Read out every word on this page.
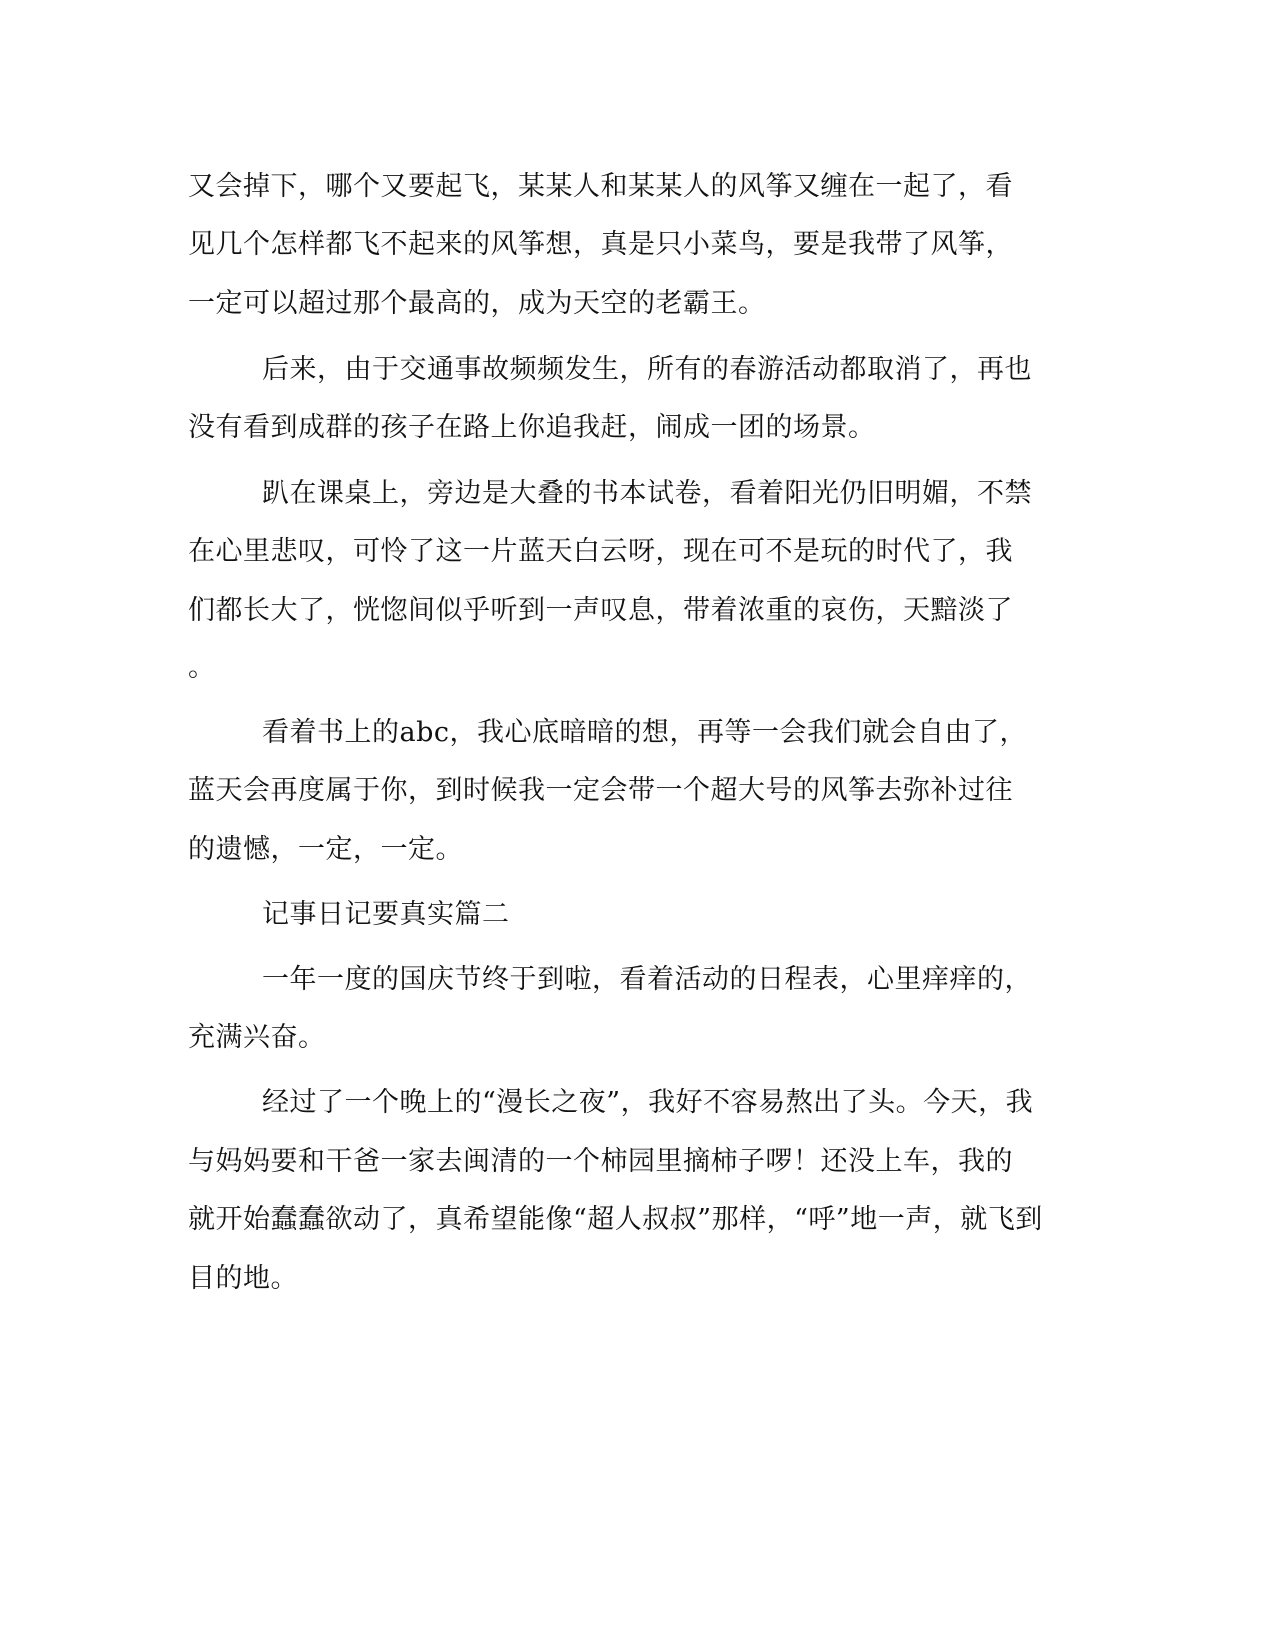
又会掉下，哪个又要起飞，某某人和某某人的风筝又缠在一起了，看

见几个怎样都飞不起来的风筝想，真是只小菜鸟，要是我带了风筝，

一定可以超过那个最高的，成为天空的老霸王。

后来，由于交通事故频频发生，所有的春游活动都取消了，再也

没有看到成群的孩子在路上你追我赶，闹成一团的场景。

趴在课桌上，旁边是大叠的书本试卷，看着阳光仍旧明媚，不禁

在心里悲叹，可怜了这一片蓝天白云呀，现在可不是玩的时代了，我

们都长大了，恍惚间似乎听到一声叹息，带着浓重的哀伤，天黯淡了

。

看着书上的abc，我心底暗暗的想，再等一会我们就会自由了，

蓝天会再度属于你，到时候我一定会带一个超大号的风筝去弥补过往

的遗憾，一定，一定。

记事日记要真实篇二

一年一度的国庆节终于到啦，看着活动的日程表，心里痒痒的，

充满兴奋。

经过了一个晚上的“漫长之夜”，我好不容易熬出了头。今天，我

与妈妈要和干爸一家去闽清的一个柿园里摘柿子啰！还没上车，我的

就开始蠢蠢欲动了，真希望能像“超人叔叔”那样，“呼”地一声，就飞到

目的地。
